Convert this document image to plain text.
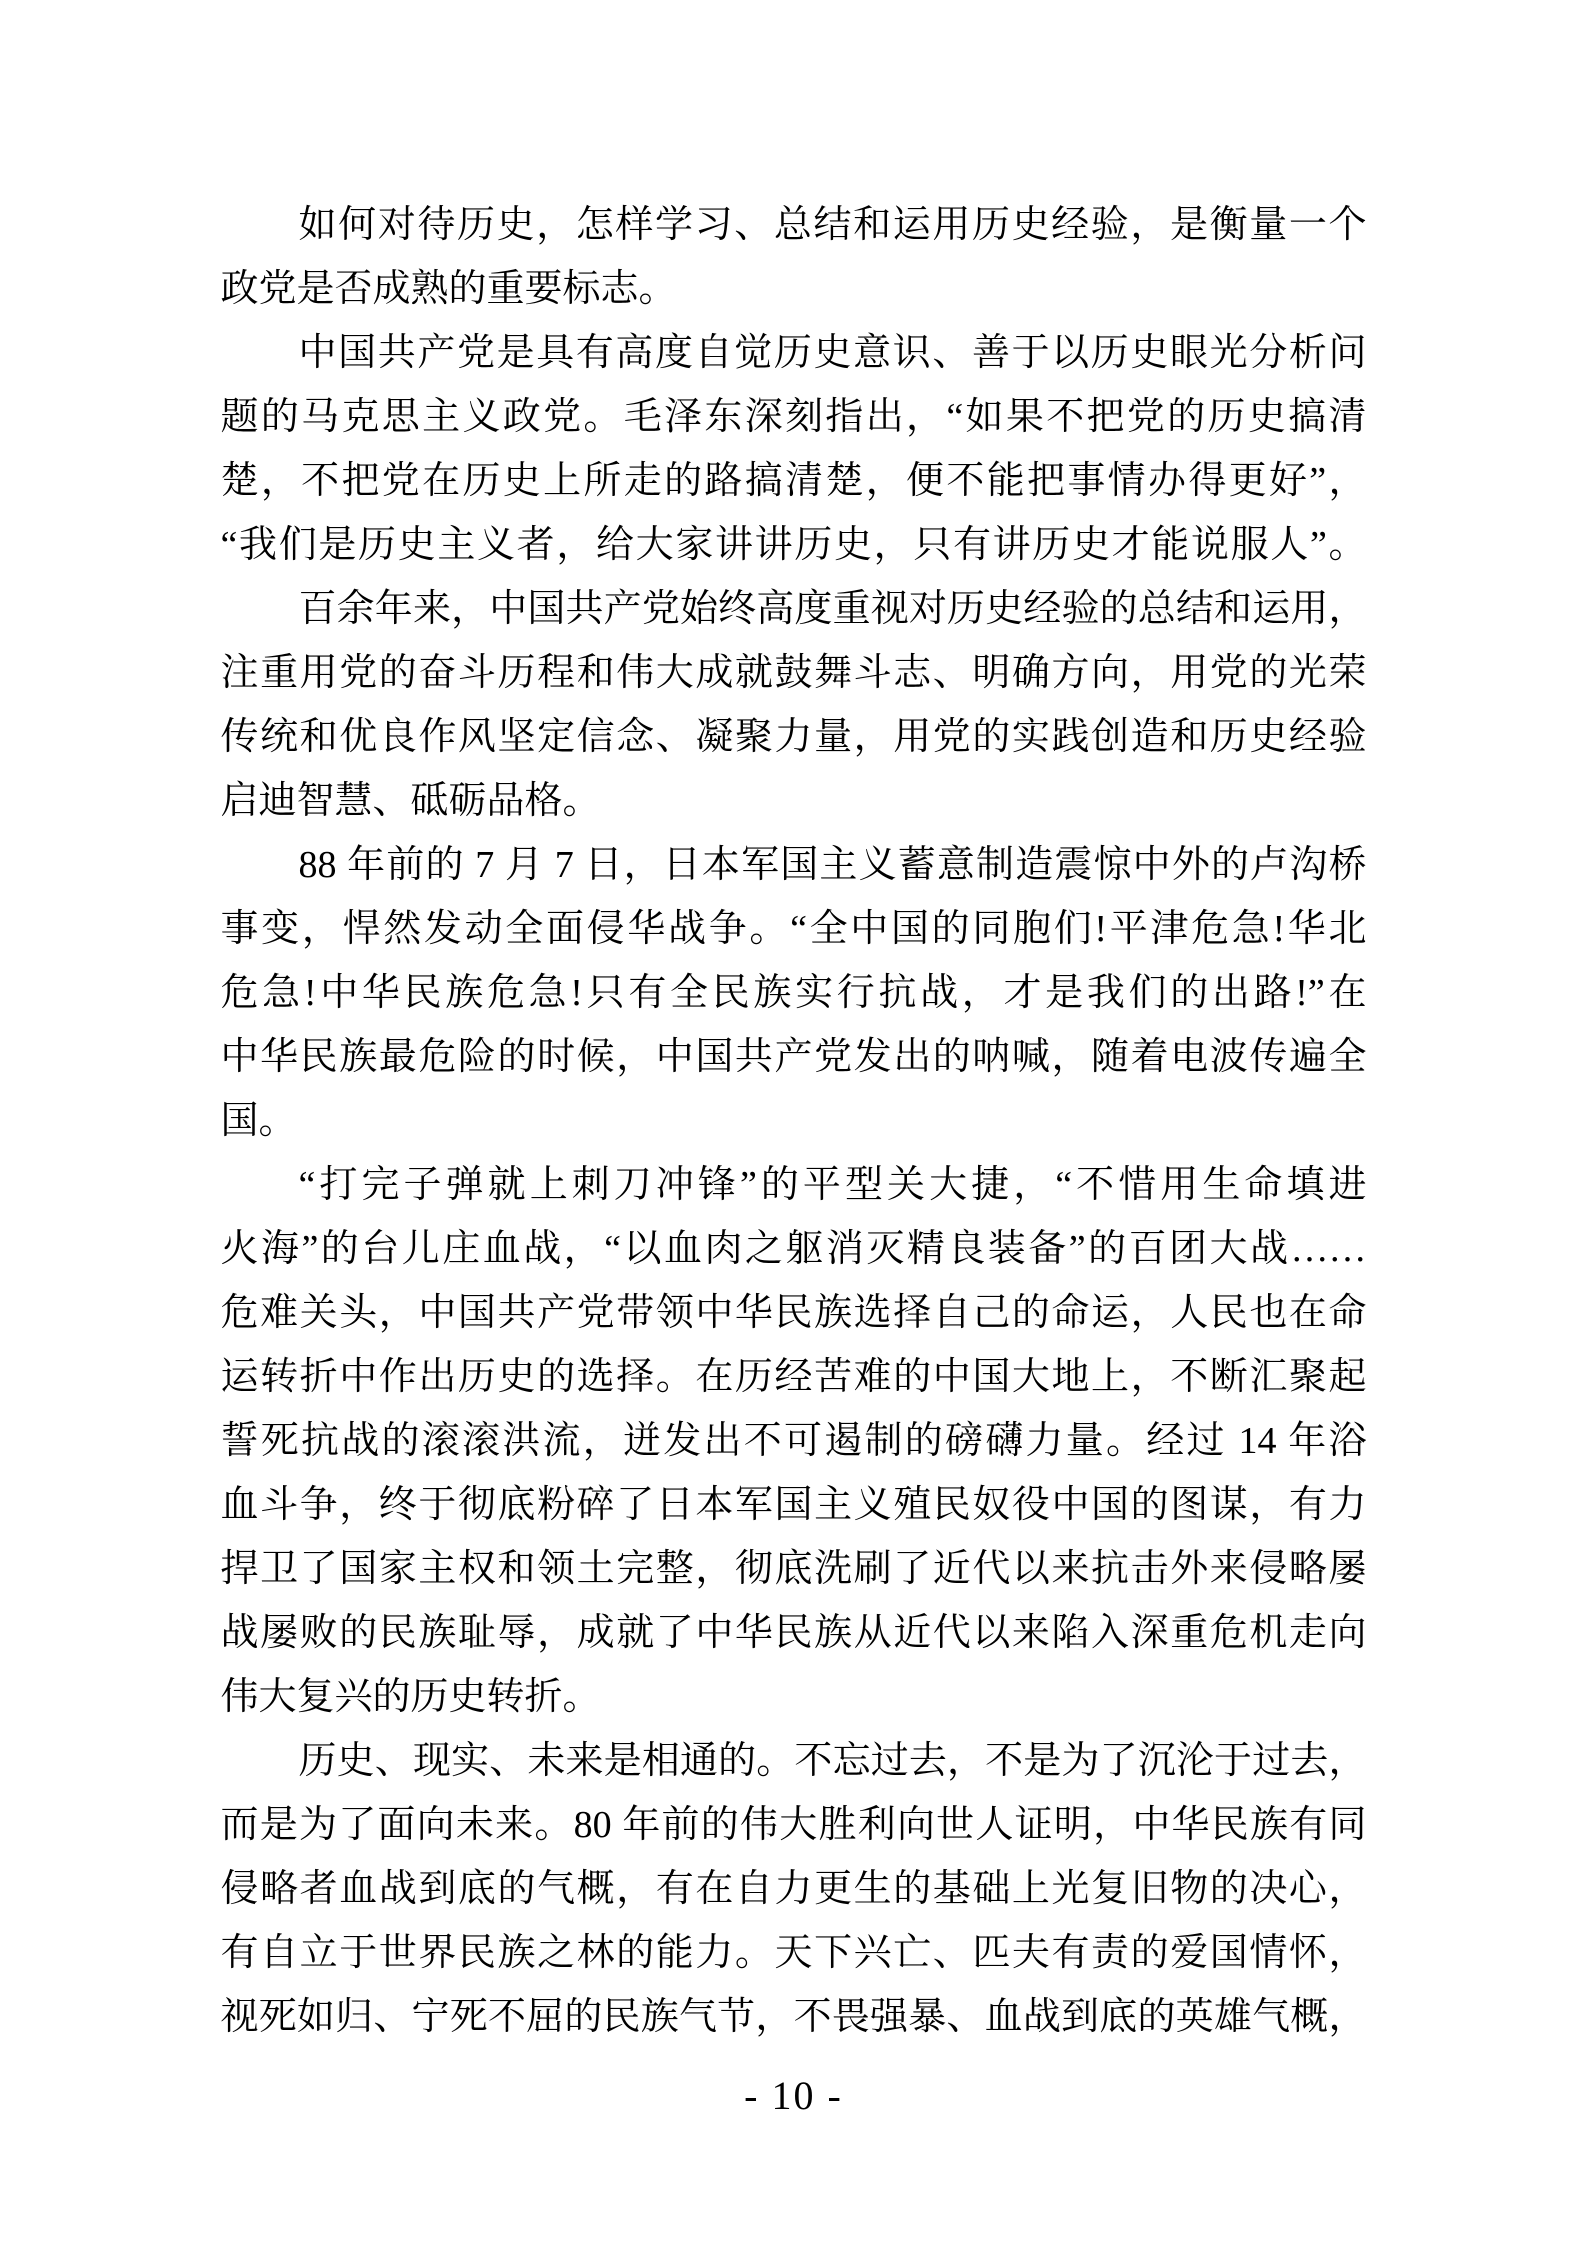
如何对待历史，怎样学习、总结和运用历史经验，是衡量一个
政党是否成熟的重要标志。
中国共产党是具有高度自觉历史意识、善于以历史眼光分析问
题的马克思主义政党。毛泽东深刻指出，“如果不把党的历史搞清
楚，不把党在历史上所走的路搞清楚，便不能把事情办得更好”，
“我们是历史主义者，给大家讲讲历史，只有讲历史才能说服人”。
百余年来，中国共产党始终高度重视对历史经验的总结和运用，
注重用党的奋斗历程和伟大成就鼓舞斗志、明确方向，用党的光荣
传统和优良作风坚定信念、凝聚力量，用党的实践创造和历史经验
启迪智慧、砥砺品格。
88 年前的 7 月 7 日，日本军国主义蓄意制造震惊中外的卢沟桥
事变，悍然发动全面侵华战争。“全中国的同胞们!平津危急!华北
危急!中华民族危急!只有全民族实行抗战，才是我们的出路!”在
中华民族最危险的时候，中国共产党发出的呐喊，随着电波传遍全
国。
“打完子弹就上刺刀冲锋”的平型关大捷，“不惜用生命填进
火海”的台儿庄血战，“以血肉之躯消灭精良装备”的百团大战……
危难关头，中国共产党带领中华民族选择自己的命运，人民也在命
运转折中作出历史的选择。在历经苦难的中国大地上，不断汇聚起
誓死抗战的滚滚洪流，迸发出不可遏制的磅礴力量。经过 14 年浴
血斗争，终于彻底粉碎了日本军国主义殖民奴役中国的图谋，有力
捍卫了国家主权和领土完整，彻底洗刷了近代以来抗击外来侵略屡
战屡败的民族耻辱，成就了中华民族从近代以来陷入深重危机走向
伟大复兴的历史转折。
历史、现实、未来是相通的。不忘过去，不是为了沉沦于过去，
而是为了面向未来。80 年前的伟大胜利向世人证明，中华民族有同
侵略者血战到底的气概，有在自力更生的基础上光复旧物的决心，
有自立于世界民族之林的能力。天下兴亡、匹夫有责的爱国情怀，
视死如归、宁死不屈的民族气节，不畏强暴、血战到底的英雄气概，
- 10 -
